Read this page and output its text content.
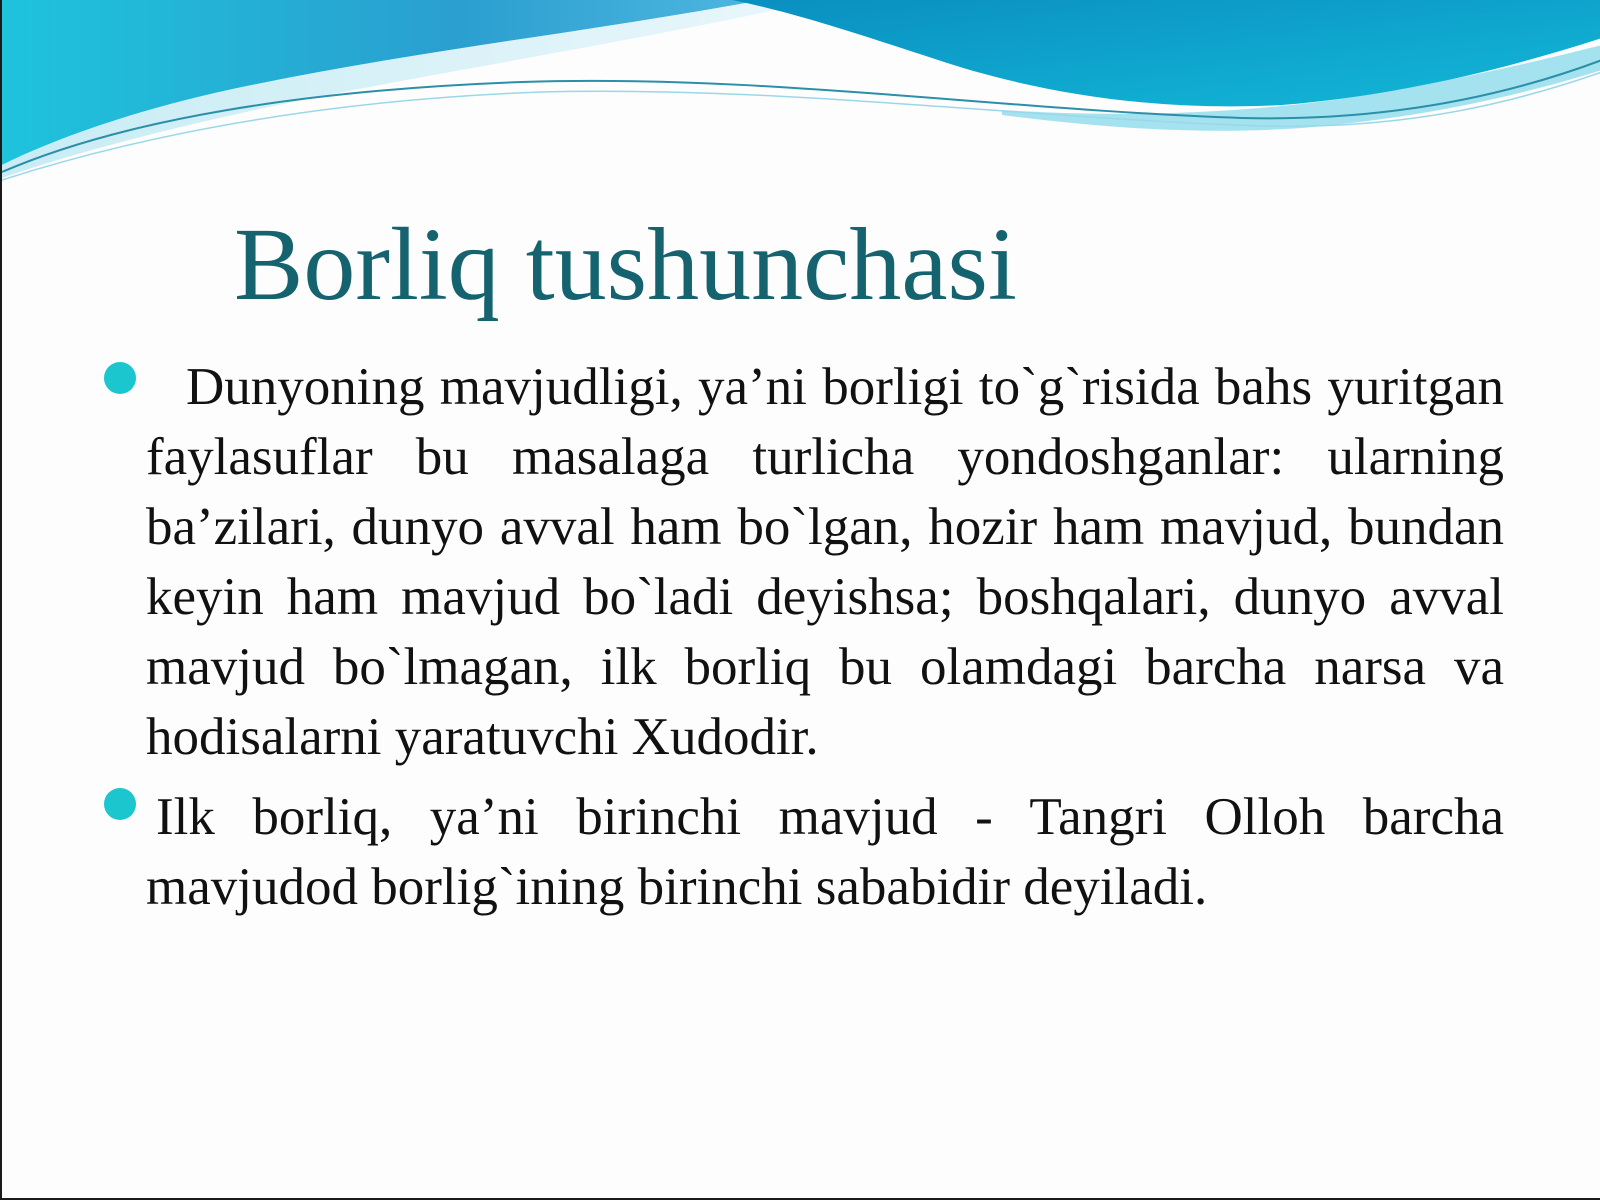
Borliq tushunchasi

Dunyoning mavjudligi, ya’ni borligi to`g`risida bahs yuritgan faylasuflar bu masalaga turlicha yondoshganlar: ularning ba’zilari, dunyo avval ham bo`lgan, hozir ham mavjud, bundan keyin ham mavjud bo`ladi deyishsa; boshqalari, dunyo avval mavjud bo`lmagan, ilk borliq bu olamdagi barcha narsa va hodisalarni yaratuvchi Xudodir.

Ilk borliq, ya’ni birinchi mavjud - Tangri Olloh barcha mavjudod borlig`ining birinchi sababidir deyiladi.
